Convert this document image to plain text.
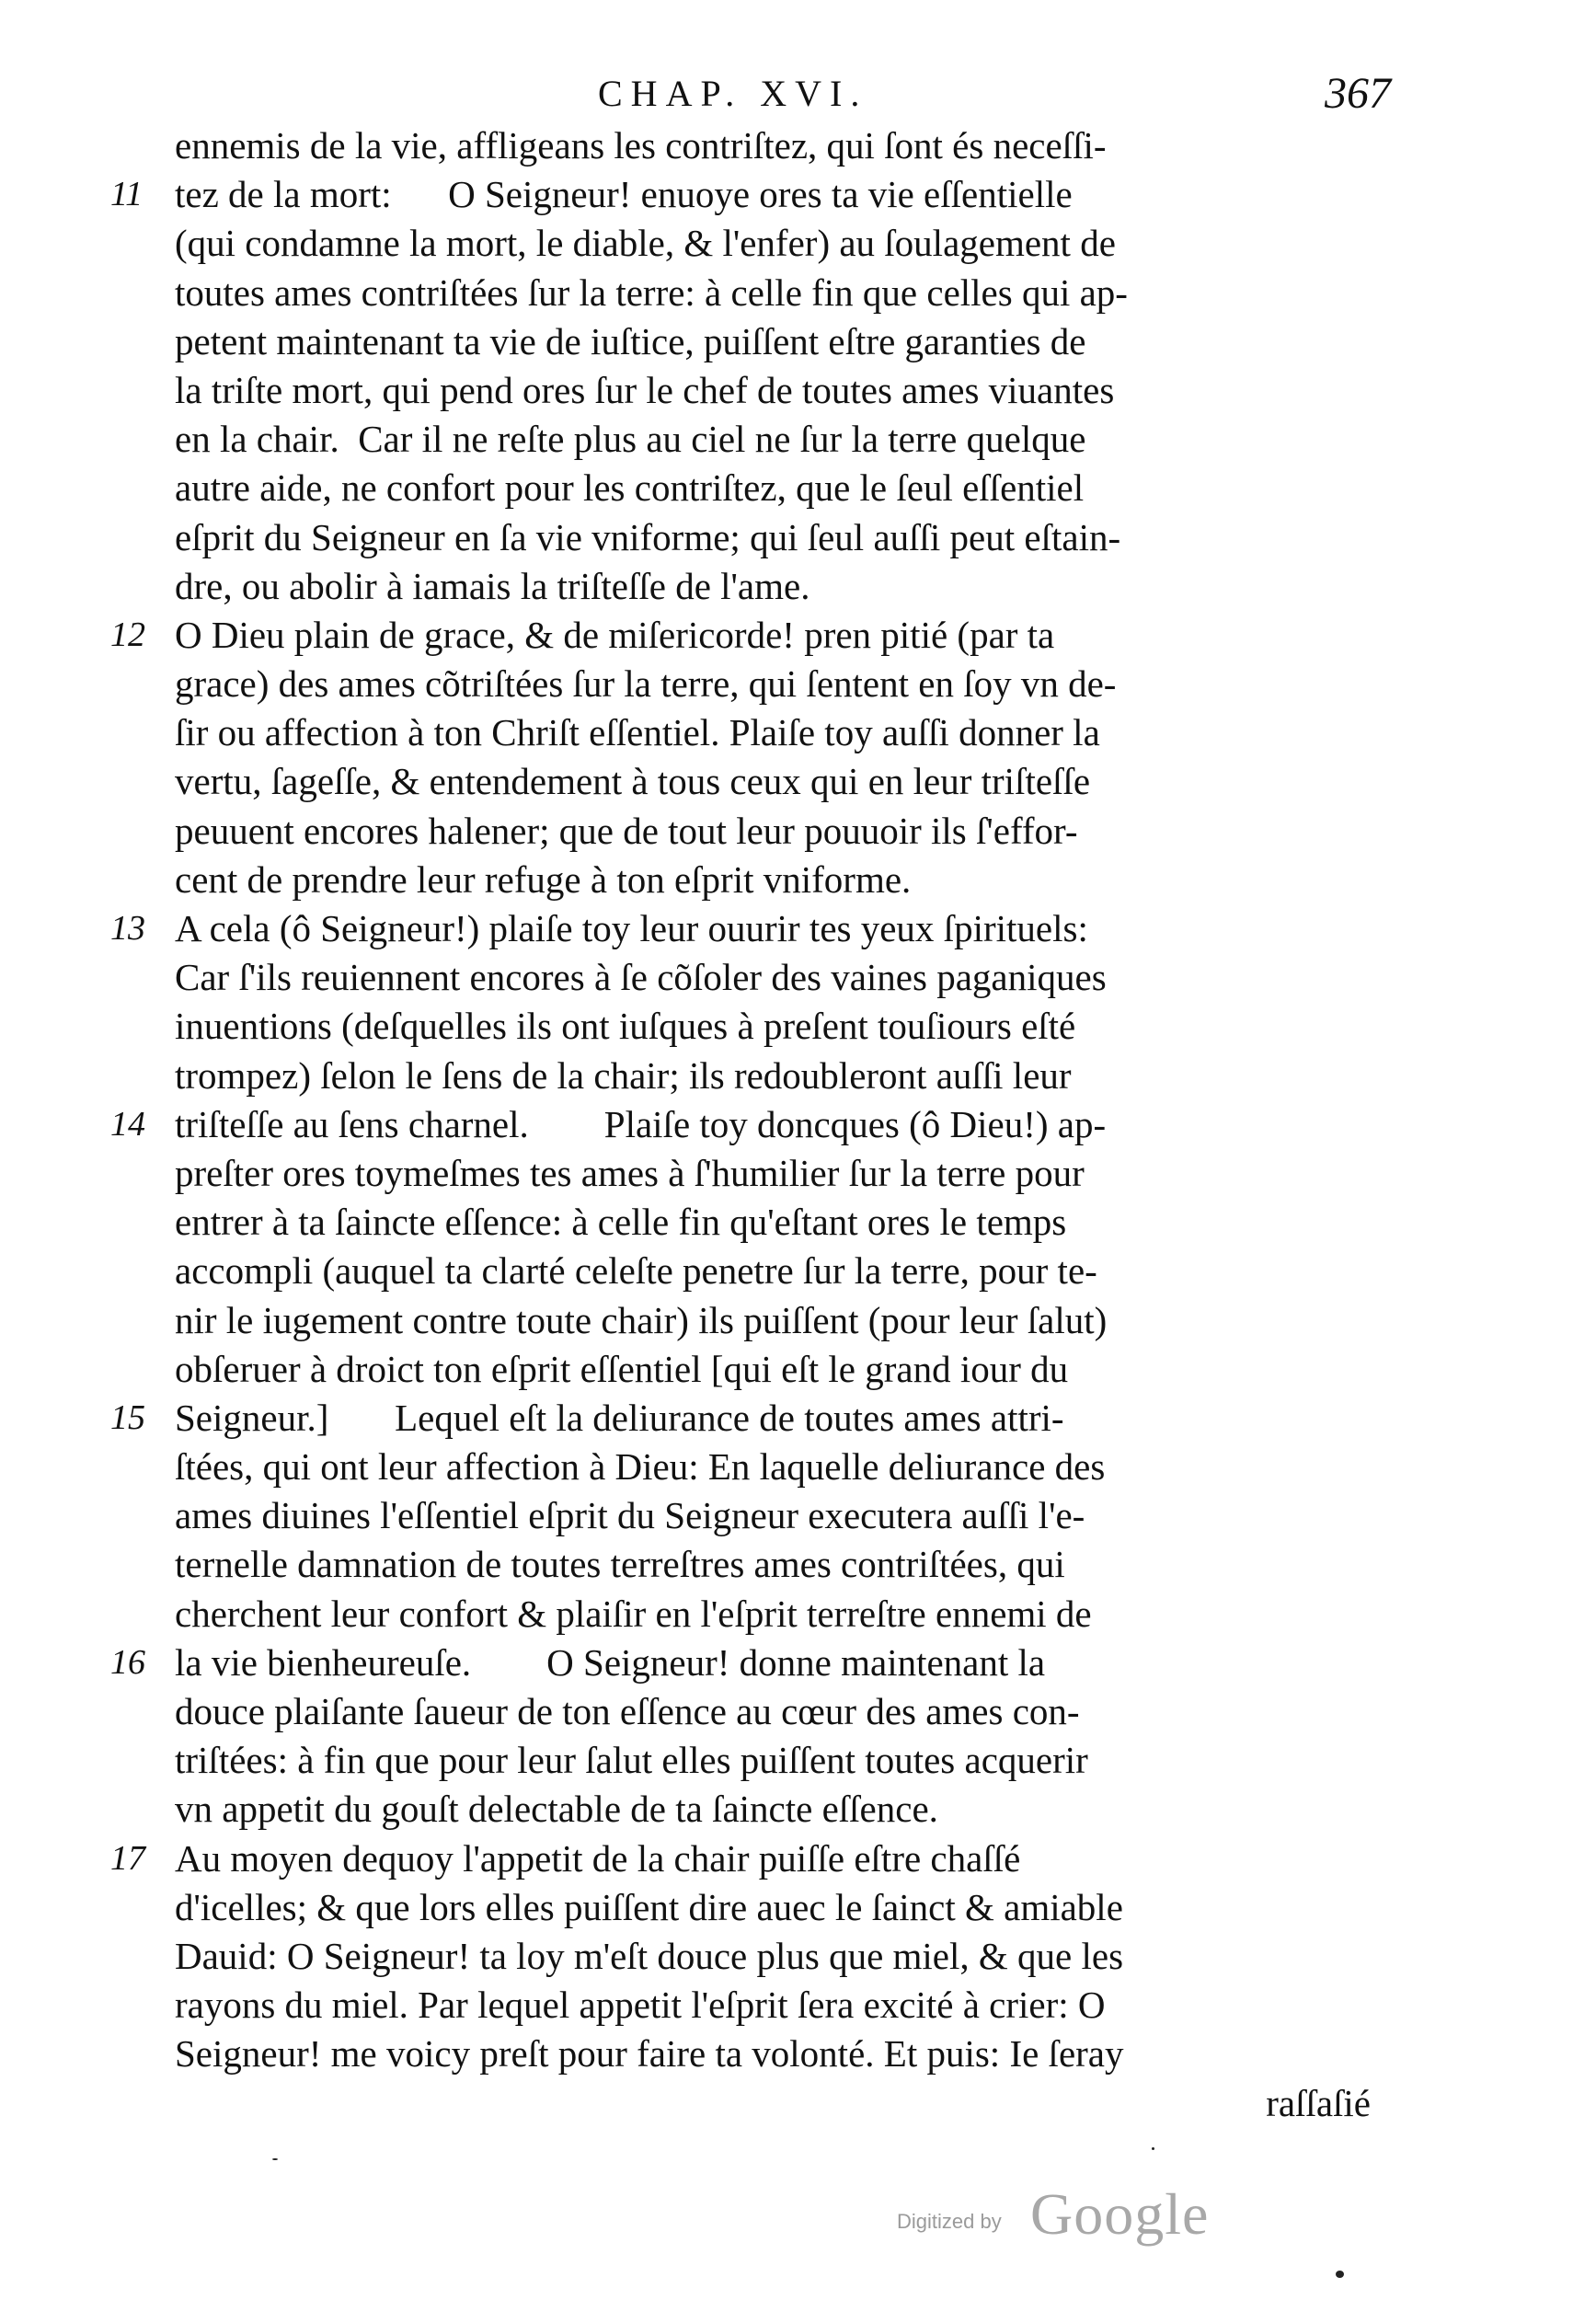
CHAP. XVI.	367
ennemis de la vie, affligeans les contriſtez, qui ſont és neceſſi-
11 tez de la mort:      O Seigneur! enuoye ores ta vie eſſentielle
(qui condamne la mort, le diable, & l'enfer) au ſoulagement de
toutes ames contriſtées ſur la terre: à celle fin que celles qui ap-
petent maintenant ta vie de iuſtice, puiſſent eſtre garanties de
la triſte mort, qui pend ores ſur le chef de toutes ames viuantes
en la chair.  Car il ne reſte plus au ciel ne ſur la terre quelque
autre aide, ne confort pour les contriſtez, que le ſeul eſſentiel
eſprit du Seigneur en ſa vie vniforme; qui ſeul auſſi peut eſtain-
dre, ou abolir à iamais la triſteſſe de l'ame.
12 O Dieu plain de grace, & de miſericorde! pren pitié (par ta
grace) des ames cõtriſtées ſur la terre, qui ſentent en ſoy vn de-
ſir ou affection à ton Chriſt eſſentiel. Plaiſe toy auſſi donner la
vertu, ſageſſe, & entendement à tous ceux qui en leur triſteſſe
peuuent encores halener; que de tout leur pouuoir ils ſ'effor-
cent de prendre leur refuge à ton eſprit vniforme.
13 A cela (ô Seigneur!) plaiſe toy leur ouurir tes yeux ſpirituels:
Car ſ'ils reuiennent encores à ſe cõſoler des vaines paganiques
inuentions (deſquelles ils ont iuſques à preſent touſiours eſté
trompez) ſelon le ſens de la chair; ils redoubleront auſſi leur
14 triſteſſe au ſens charnel.        Plaiſe toy doncques (ô Dieu!) ap-
preſter ores toymeſmes tes ames à ſ'humilier ſur la terre pour
entrer à ta ſaincte eſſence: à celle fin qu'eſtant ores le temps
accompli (auquel ta clarté celeſte penetre ſur la terre, pour te-
nir le iugement contre toute chair) ils puiſſent (pour leur ſalut)
obſeruer à droict ton eſprit eſſentiel [qui eſt le grand iour du
15 Seigneur.]       Lequel eſt la deliurance de toutes ames attri-
ſtées, qui ont leur affection à Dieu: En laquelle deliurance des
ames diuines l'eſſentiel eſprit du Seigneur executera auſſi l'e-
ternelle damnation de toutes terreſtres ames contriſtées, qui
cherchent leur confort & plaiſir en l'eſprit terreſtre ennemi de
16 la vie bienheureuſe.        O Seigneur! donne maintenant la
douce plaiſante ſaueur de ton eſſence au cœur des ames con-
triſtées: à fin que pour leur ſalut elles puiſſent toutes acquerir
vn appetit du gouſt delectable de ta ſaincte eſſence.
17 Au moyen dequoy l'appetit de la chair puiſſe eſtre chaſſé
d'icelles; & que lors elles puiſſent dire auec le ſainct & amiable
Dauid: O Seigneur! ta loy m'eſt douce plus que miel, & que les
rayons du miel. Par lequel appetit l'eſprit ſera excité à crier: O
Seigneur! me voicy preſt pour faire ta volonté. Et puis: Ie ſeray
raſſaſié
Digitized by Google
